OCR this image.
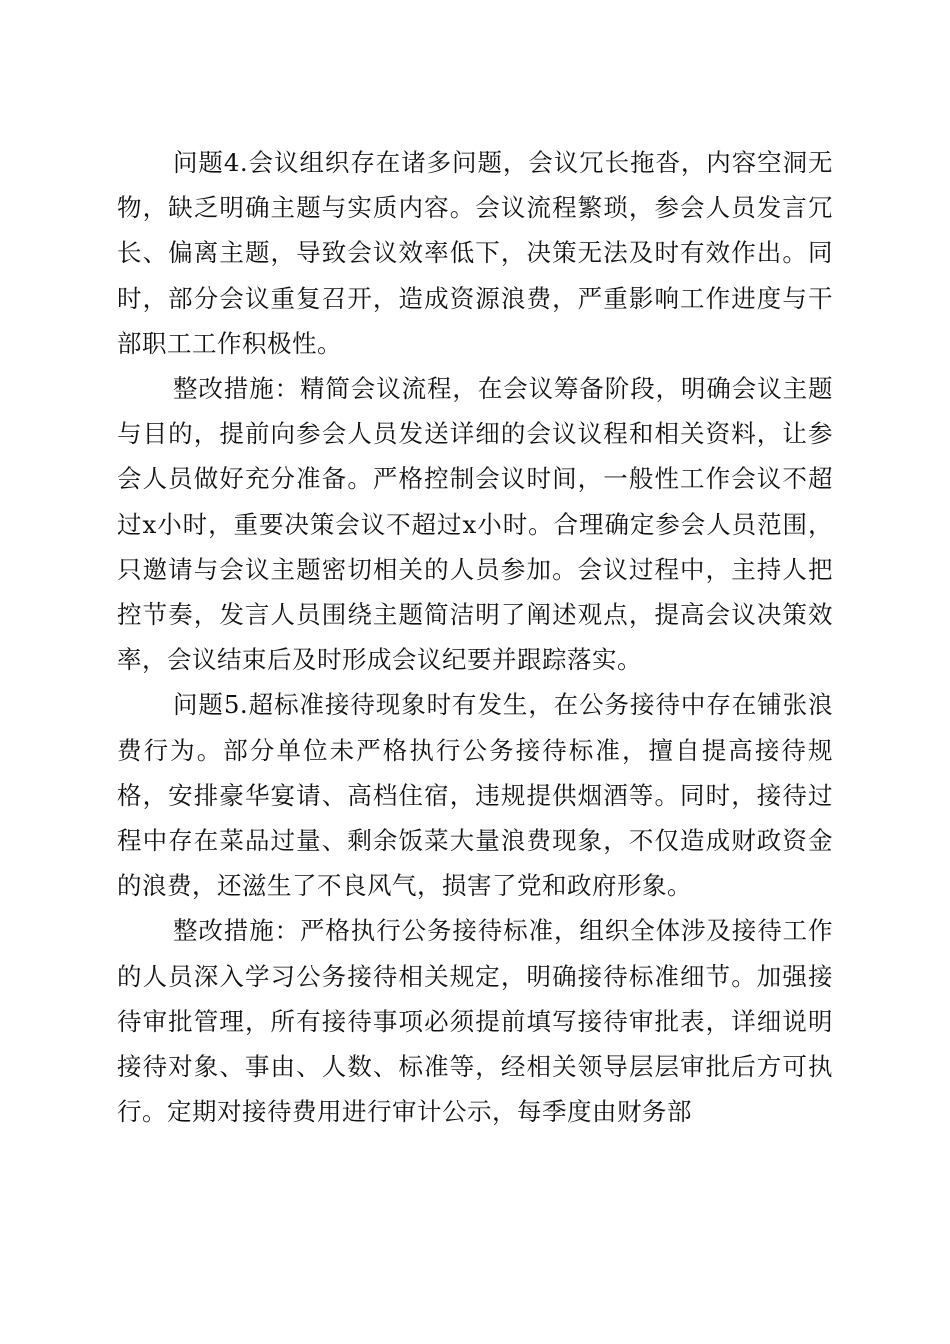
问题4.会议组织存在诸多问题，会议冗长拖沓，内容空洞无物，缺乏明确主题与实质内容。会议流程繁琐，参会人员发言冗长、偏离主题，导致会议效率低下，决策无法及时有效作出。同时，部分会议重复召开，造成资源浪费，严重影响工作进度与干部职工工作积极性。

整改措施：精简会议流程，在会议筹备阶段，明确会议主题与目的，提前向参会人员发送详细的会议议程和相关资料，让参会人员做好充分准备。严格控制会议时间，一般性工作会议不超过x小时，重要决策会议不超过x小时。合理确定参会人员范围，只邀请与会议主题密切相关的人员参加。会议过程中，主持人把控节奏，发言人员围绕主题简洁明了阐述观点，提高会议决策效率，会议结束后及时形成会议纪要并跟踪落实。

问题5.超标准接待现象时有发生，在公务接待中存在铺张浪费行为。部分单位未严格执行公务接待标准，擅自提高接待规格，安排豪华宴请、高档住宿，违规提供烟酒等。同时，接待过程中存在菜品过量、剩余饭菜大量浪费现象，不仅造成财政资金的浪费，还滋生了不良风气，损害了党和政府形象。

整改措施：严格执行公务接待标准，组织全体涉及接待工作的人员深入学习公务接待相关规定，明确接待标准细节。加强接待审批管理，所有接待事项必须提前填写接待审批表，详细说明接待对象、事由、人数、标准等，经相关领导层层审批后方可执行。定期对接待费用进行审计公示，每季度由财务部
